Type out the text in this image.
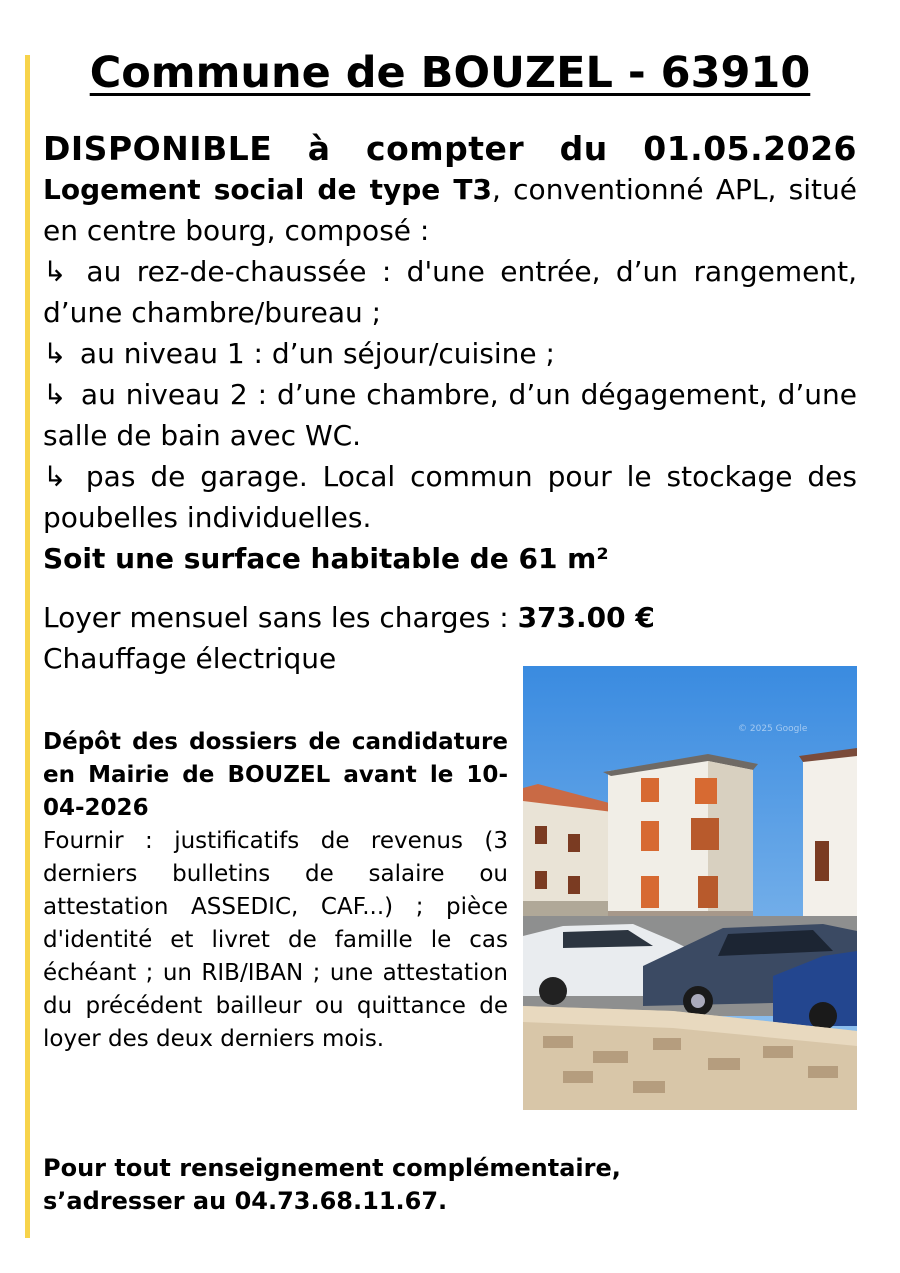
Commune de BOUZEL - 63910

DISPONIBLE à compter du 01.05.2026

Logement social de type T3, conventionné APL, situé en centre bourg, composé :

↳ au rez-de-chaussée : d'une entrée, d’un rangement, d’une chambre/bureau ;

↳ au niveau 1 : d’un séjour/cuisine ;

↳ au niveau 2 : d’une chambre, d’un dégagement, d’une salle de bain avec WC.

↳ pas de garage. Local commun pour le stockage des poubelles individuelles.

Soit une surface habitable de 61 m²

Loyer mensuel sans les charges : 373.00 €

Chauffage électrique

© 2025 Google

Dépôt des dossiers de candidature en Mairie de BOUZEL avant le 10-04-2026

Fournir : justificatifs de revenus (3 derniers bulletins de salaire ou attestation ASSEDIC, CAF...) ; pièce d'identité et livret de famille le cas échéant ; un RIB/IBAN ; une attestation du précédent bailleur ou quittance de loyer des deux derniers mois.

Pour tout renseignement complémentaire,
s’adresser au 04.73.68.11.67.
